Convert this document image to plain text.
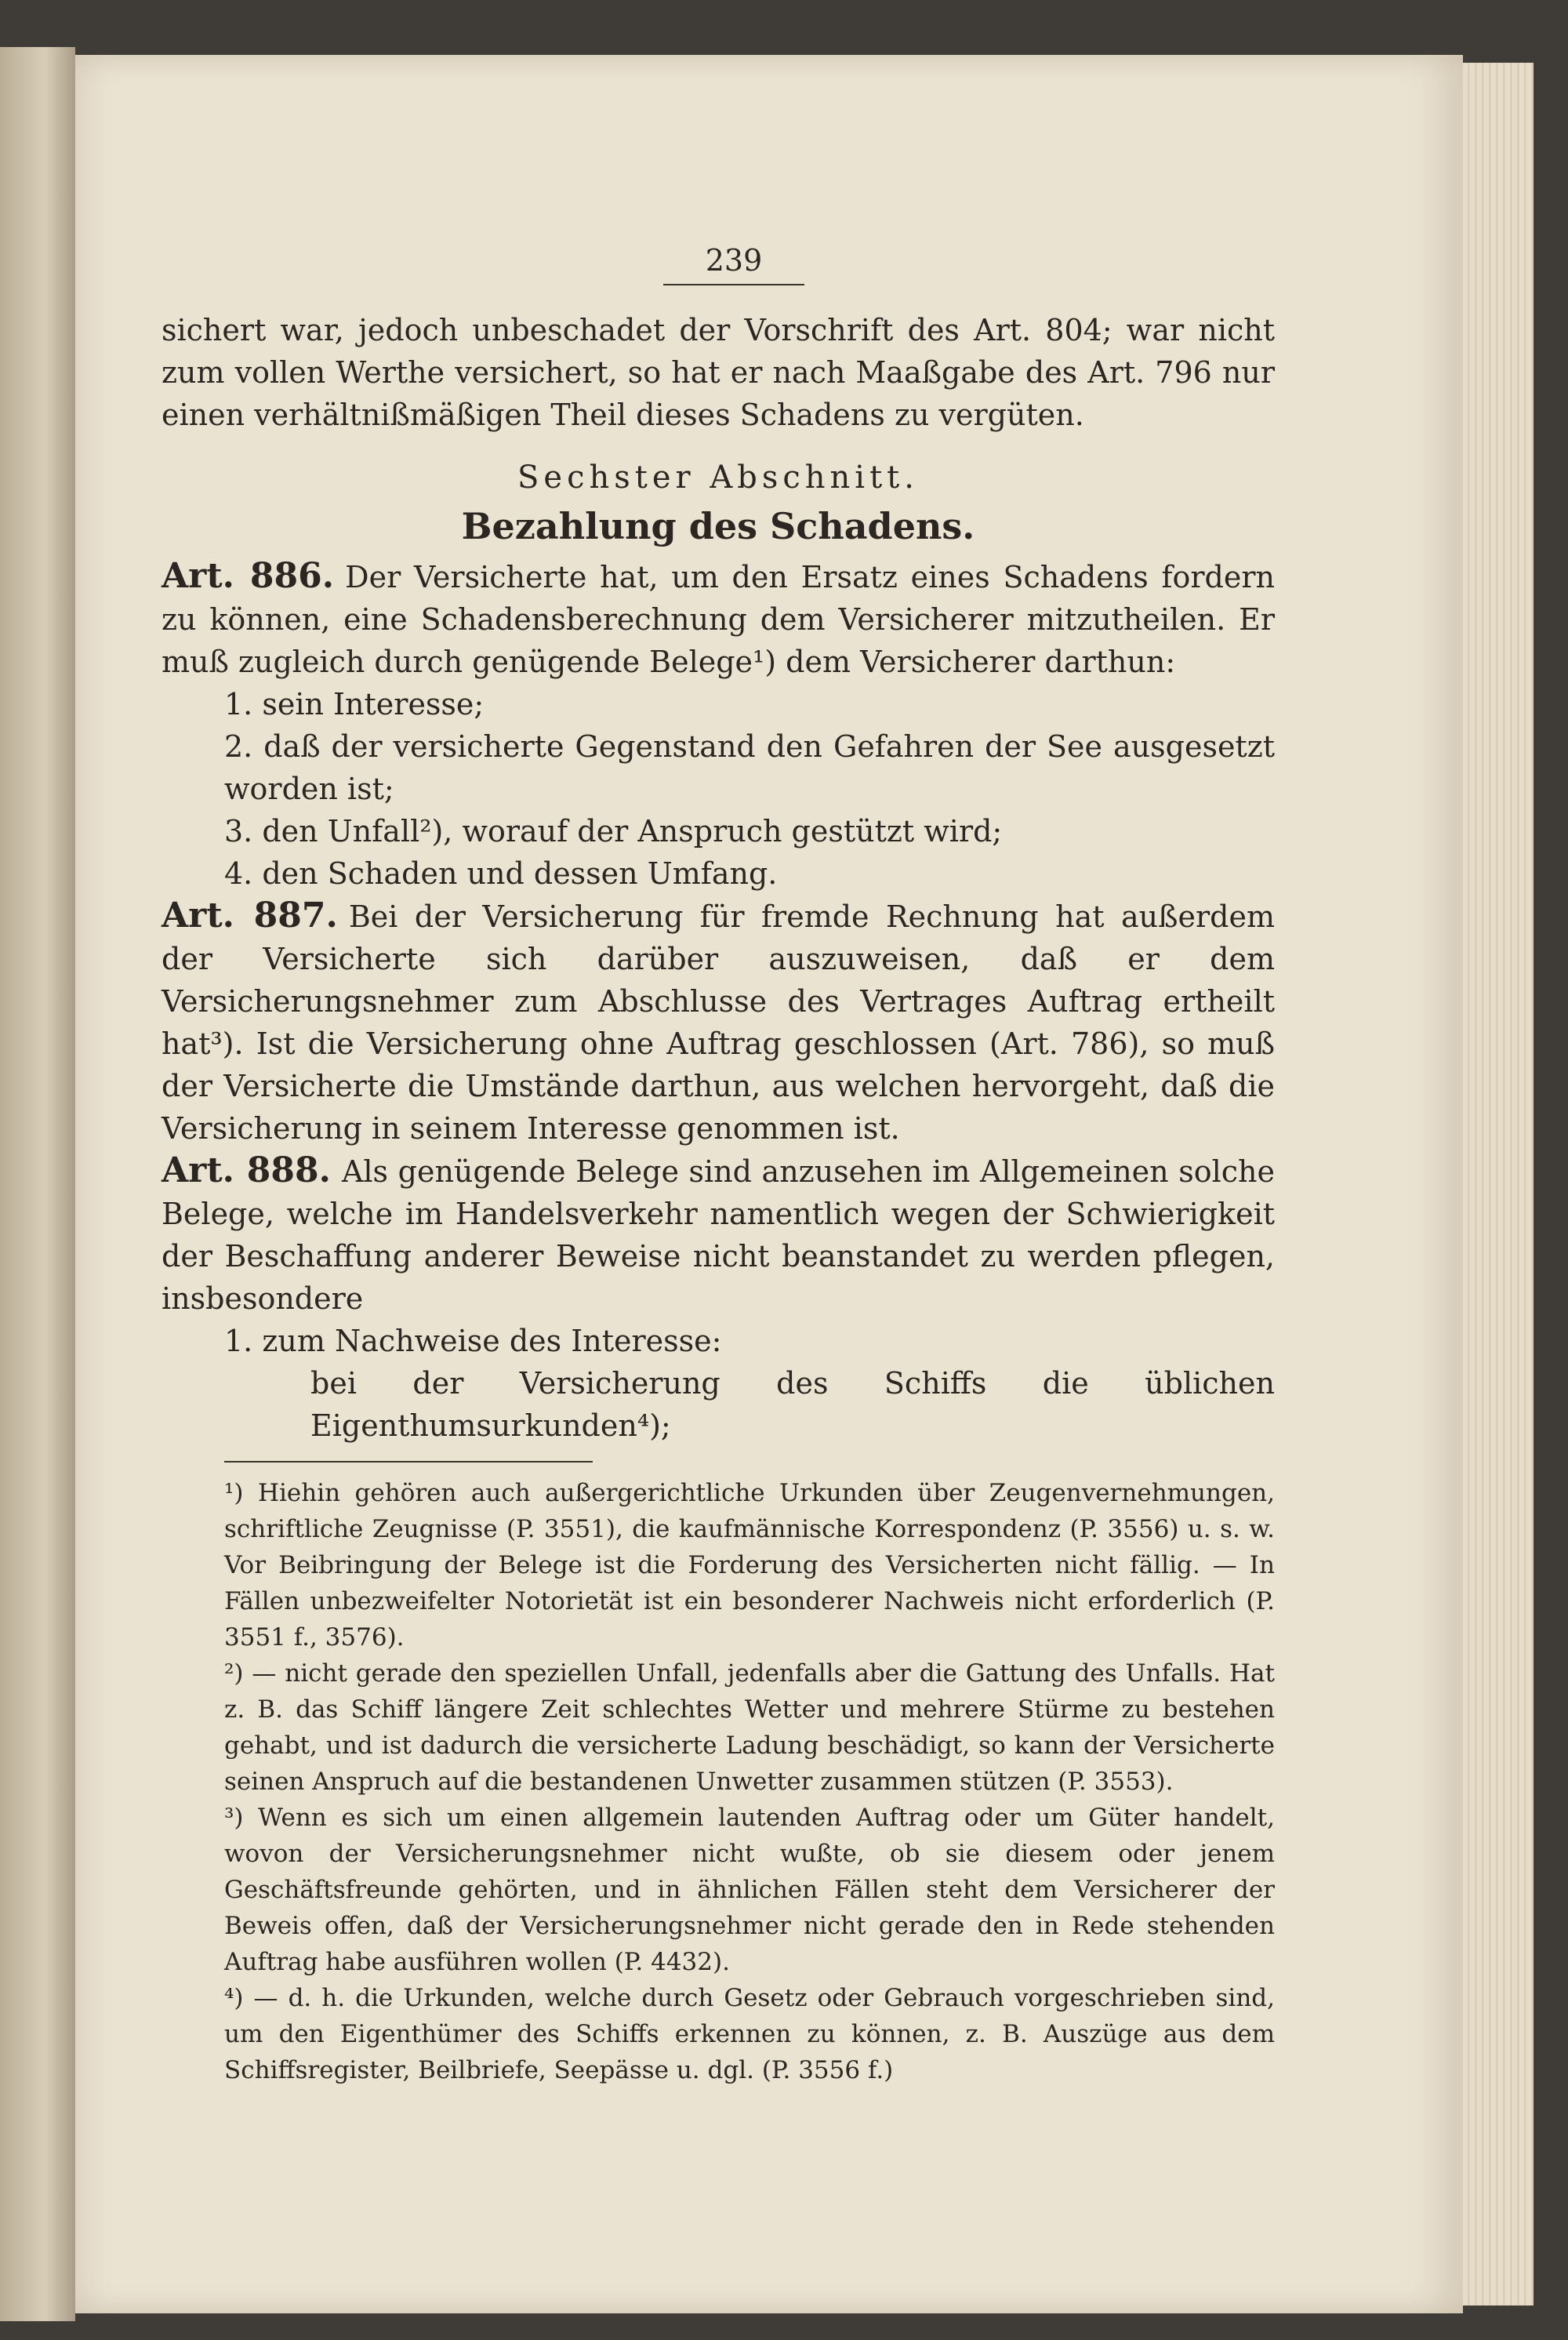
239

sichert war, jedoch unbeschadet der Vorschrift des Art. 804; war nicht zum vollen Werthe versichert, so hat er nach Maaßgabe des Art. 796 nur einen verhältnißmäßigen Theil dieses Schadens zu vergüten.

Sechster Abschnitt.
Bezahlung des Schadens.

Art. 886. Der Versicherte hat, um den Ersatz eines Schadens fordern zu können, eine Schadensberechnung dem Versicherer mitzutheilen. Er muß zugleich durch genügende Belege¹) dem Versicherer darthun:

1. sein Interesse;

2. daß der versicherte Gegenstand den Gefahren der See ausgesetzt worden ist;

3. den Unfall²), worauf der Anspruch gestützt wird;

4. den Schaden und dessen Umfang.

Art. 887. Bei der Versicherung für fremde Rechnung hat außerdem der Versicherte sich darüber auszuweisen, daß er dem Versicherungsnehmer zum Abschlusse des Vertrages Auftrag ertheilt hat³). Ist die Versicherung ohne Auftrag geschlossen (Art. 786), so muß der Versicherte die Umstände darthun, aus welchen hervorgeht, daß die Versicherung in seinem Interesse genommen ist.

Art. 888. Als genügende Belege sind anzusehen im Allgemeinen solche Belege, welche im Handelsverkehr namentlich wegen der Schwierigkeit der Beschaffung anderer Beweise nicht beanstandet zu werden pflegen, insbesondere

1. zum Nachweise des Interesse:

bei der Versicherung des Schiffs die üblichen Eigenthumsurkunden⁴);

¹) Hiehin gehören auch außergerichtliche Urkunden über Zeugenvernehmungen, schriftliche Zeugnisse (P. 3551), die kaufmännische Korrespondenz (P. 3556) u. s. w. Vor Beibringung der Belege ist die Forderung des Versicherten nicht fällig. — In Fällen unbezweifelter Notorietät ist ein besonderer Nachweis nicht erforderlich (P. 3551 f., 3576).

²) — nicht gerade den speziellen Unfall, jedenfalls aber die Gattung des Unfalls. Hat z. B. das Schiff längere Zeit schlechtes Wetter und mehrere Stürme zu bestehen gehabt, und ist dadurch die versicherte Ladung beschädigt, so kann der Versicherte seinen Anspruch auf die bestandenen Unwetter zusammen stützen (P. 3553).

³) Wenn es sich um einen allgemein lautenden Auftrag oder um Güter handelt, wovon der Versicherungsnehmer nicht wußte, ob sie diesem oder jenem Geschäftsfreunde gehörten, und in ähnlichen Fällen steht dem Versicherer der Beweis offen, daß der Versicherungsnehmer nicht gerade den in Rede stehenden Auftrag habe ausführen wollen (P. 4432).

⁴) — d. h. die Urkunden, welche durch Gesetz oder Gebrauch vorgeschrieben sind, um den Eigenthümer des Schiffs erkennen zu können, z. B. Auszüge aus dem Schiffsregister, Beilbriefe, Seepässe u. dgl. (P. 3556 f.)
